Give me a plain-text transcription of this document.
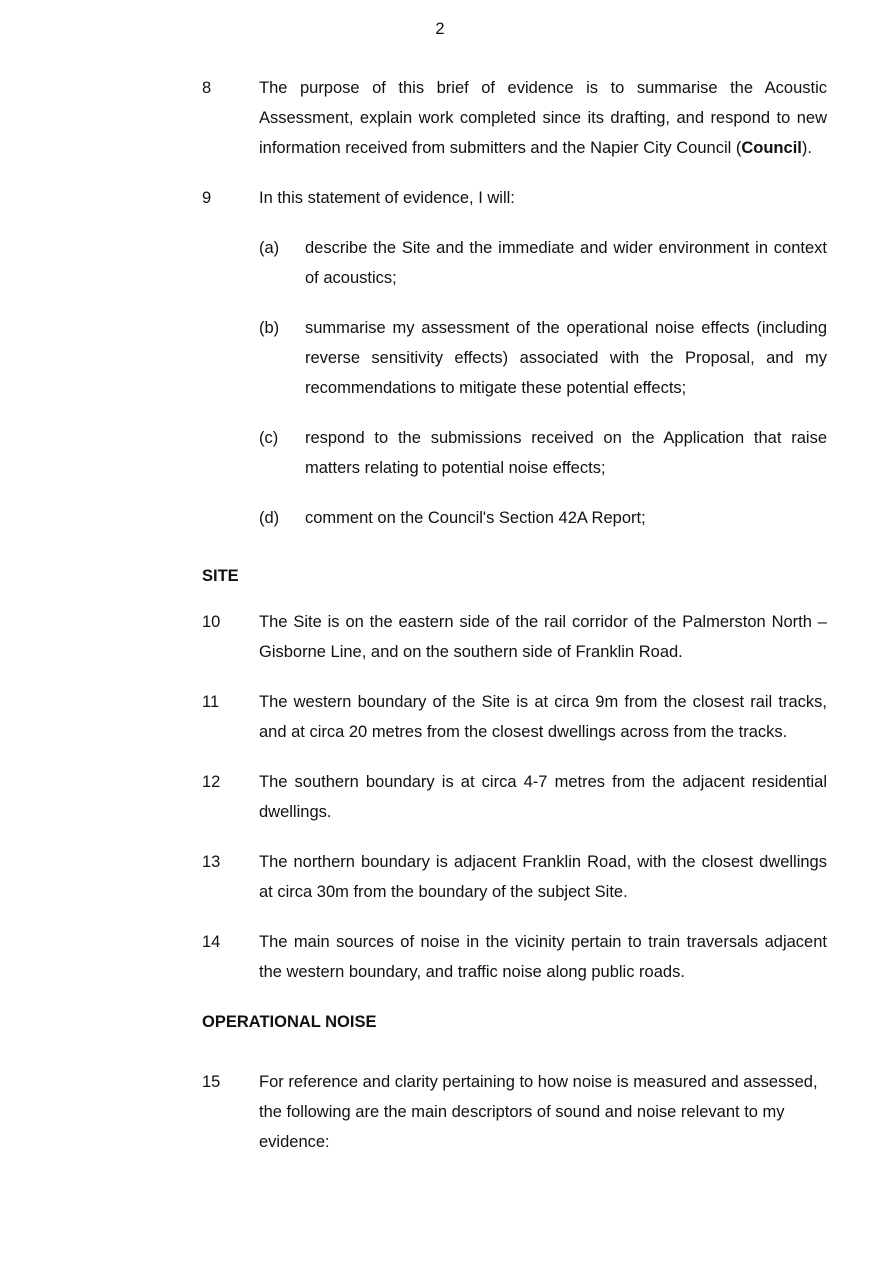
2
8	The purpose of this brief of evidence is to summarise the Acoustic Assessment, explain work completed since its drafting, and respond to new information received from submitters and the Napier City Council (Council).
9	In this statement of evidence, I will:
(a) describe the Site and the immediate and wider environment in context of acoustics;
(b) summarise my assessment of the operational noise effects (including reverse sensitivity effects) associated with the Proposal, and my recommendations to mitigate these potential effects;
(c) respond to the submissions received on the Application that raise matters relating to potential noise effects;
(d) comment on the Council's Section 42A Report;
SITE
10 The Site is on the eastern side of the rail corridor of the Palmerston North – Gisborne Line, and on the southern side of Franklin Road.
11 The western boundary of the Site is at circa 9m from the closest rail tracks, and at circa 20 metres from the closest dwellings across from the tracks.
12 The southern boundary is at circa 4-7 metres from the adjacent residential dwellings.
13 The northern boundary is adjacent Franklin Road, with the closest dwellings at circa 30m from the boundary of the subject Site.
14 The main sources of noise in the vicinity pertain to train traversals adjacent the western boundary, and traffic noise along public roads.
OPERATIONAL NOISE
15 For reference and clarity pertaining to how noise is measured and assessed, the following are the main descriptors of sound and noise relevant to my evidence:
